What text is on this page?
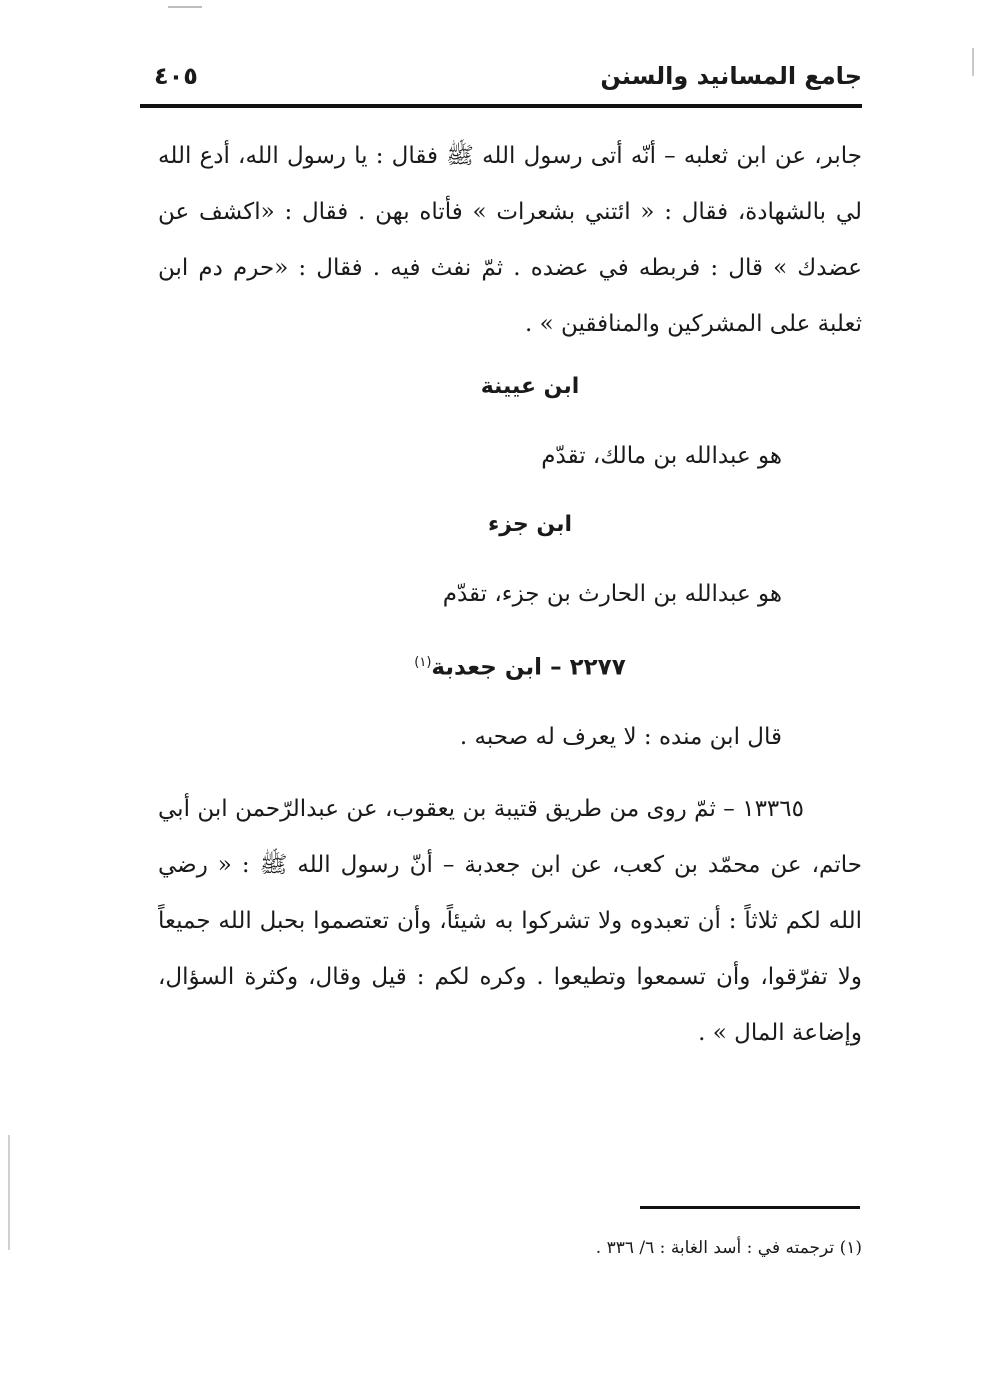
جامع المسانيد والسنن
٤٠٥

جابر، عن ابن ثعلبه – أنّه أتى رسول الله ﷺ فقال : يا رسول الله، أدع الله لي بالشهادة، فقال : « ائتني بشعرات » فأتاه بهن . فقال : «اكشف عن عضدك » قال : فربطه في عضده . ثمّ نفث فيه . فقال : «حرم دم ابن ثعلبة على المشركين والمنافقين » .

ابن عيينة

هو عبدالله بن مالك، تقدّم

ابن جزء

هو عبدالله بن الحارث بن جزء، تقدّم

٢٢٧٧ – ابن جعدبة$^{(١)}$

قال ابن منده : لا يعرف له صحبه .

١٣٣٦٥ – ثمّ روى من طريق قتيبة بن يعقوب، عن عبدالرّحمن ابن أبي حاتم، عن محمّد بن كعب، عن ابن جعدبة – أنّ رسول الله ﷺ : « رضي الله لكم ثلاثاً : أن تعبدوه ولا تشركوا به شيئاً، وأن تعتصموا بحبل الله جميعاً ولا تفرّقوا، وأن تسمعوا وتطيعوا . وكره لكم : قيل وقال، وكثرة السؤال، وإضاعة المال » .

(١) ترجمته في : أسد الغابة : ٦/ ٣٣٦ .
